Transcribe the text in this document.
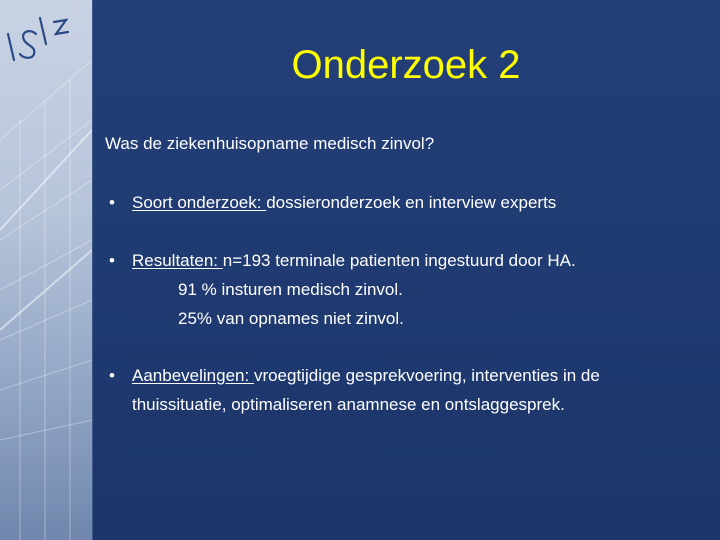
Onderzoek 2
Was de ziekenhuisopname medisch zinvol?
• Soort onderzoek: dossieronderzoek en interview experts
• Resultaten: n=193 terminale patienten ingestuurd door HA.
91 % insturen medisch zinvol.
25% van opnames niet zinvol.
• Aanbevelingen: vroegtijdige gesprekvoering, interventies in de
thuissituatie, optimaliseren anamnese en ontslaggesprek.
